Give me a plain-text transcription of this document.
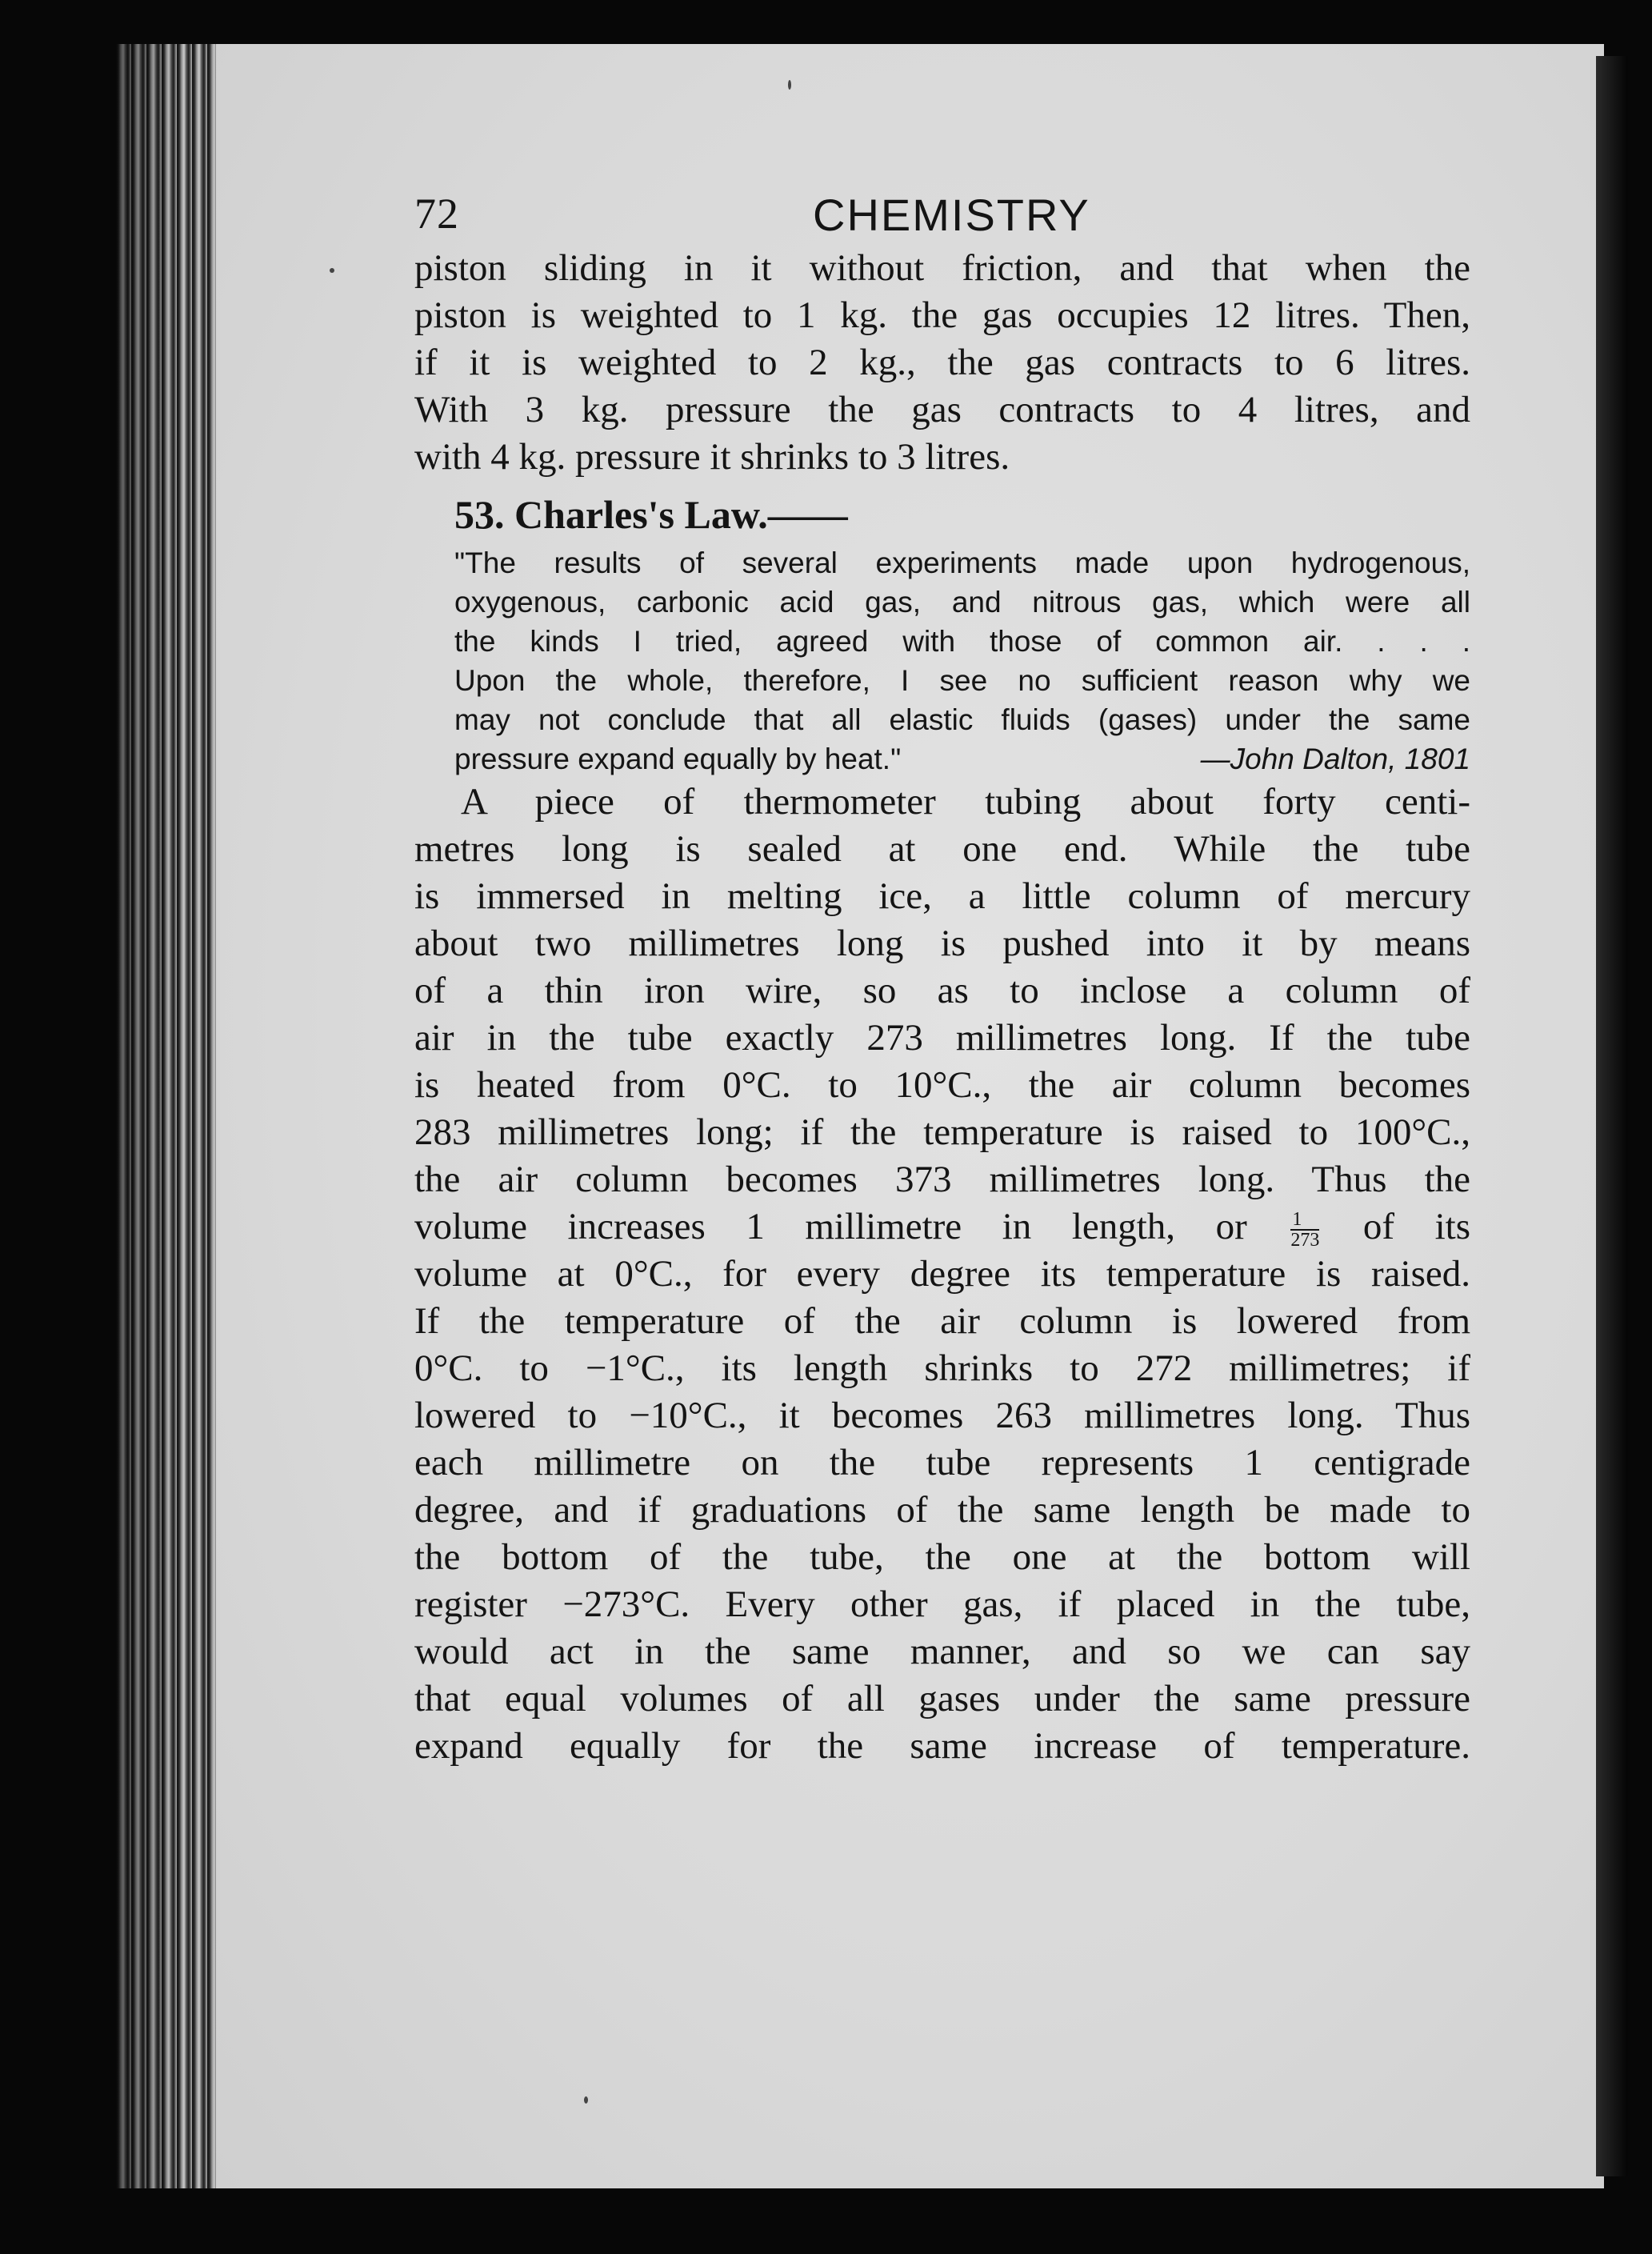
72	CHEMISTRY

piston sliding in it without friction, and that when the
piston is weighted to 1 kg. the gas occupies 12 litres. Then,
if it is weighted to 2 kg., the gas contracts to 6 litres.
With 3 kg. pressure the gas contracts to 4 litres, and
with 4 kg. pressure it shrinks to 3 litres.

53. Charles's Law.——
"The results of several experiments made upon hydrogenous,
oxygenous, carbonic acid gas, and nitrous gas, which were all
the kinds I tried, agreed with those of common air. . . .
Upon the whole, therefore, I see no sufficient reason why we
may not conclude that all elastic fluids (gases) under the same
pressure expand equally by heat."	—John Dalton, 1801

A piece of thermometer tubing about forty centi-
metres long is sealed at one end. While the tube
is immersed in melting ice, a little column of mercury
about two millimetres long is pushed into it by means
of a thin iron wire, so as to inclose a column of
air in the tube exactly 273 millimetres long. If the tube
is heated from 0°C. to 10°C., the air column becomes
283 millimetres long; if the temperature is raised to 100°C.,
the air column becomes 373 millimetres long. Thus the
volume increases 1 millimetre in length, or $\frac{1}{273}$ of its
volume at 0°C., for every degree its temperature is raised.
If the temperature of the air column is lowered from
0°C. to −1°C., its length shrinks to 272 millimetres; if
lowered to −10°C., it becomes 263 millimetres long. Thus
each millimetre on the tube represents 1 centigrade
degree, and if graduations of the same length be made to
the bottom of the tube, the one at the bottom will
register −273°C. Every other gas, if placed in the tube,
would act in the same manner, and so we can say
that equal volumes of all gases under the same pressure
expand equally for the same increase of temperature.
